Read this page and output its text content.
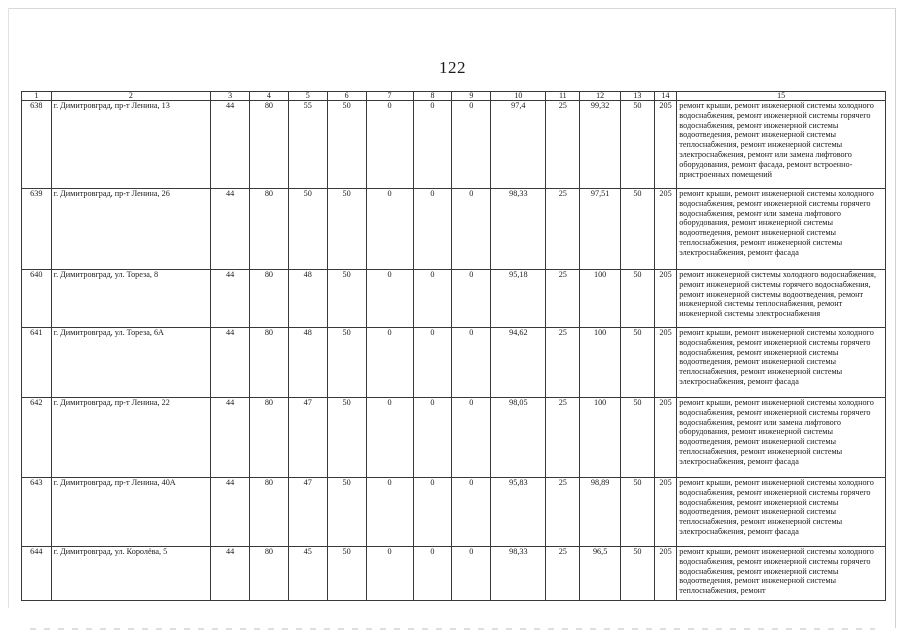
122
1	2	3	4	5	6	7	8	9	10	11	12	13	14	15
638	г. Димитровград, пр-т Ленина, 13	44	80	55	50	0	0	0	97,4	25	99,32	50	205	ремонт крыши, ремонт инженерной системы холодного водоснабжения, ремонт инженерной системы горячего водоснабжения, ремонт инженерной системы водоотведения, ремонт инженерной системы теплоснабжения, ремонт инженерной системы электроснабжения, ремонт или замена лифтового оборудования, ремонт фасада, ремонт встроенно-пристроенных помещений
639	г. Димитровград, пр-т Ленина, 26	44	80	50	50	0	0	0	98,33	25	97,51	50	205	ремонт крыши, ремонт инженерной системы холодного водоснабжения, ремонт инженерной системы горячего водоснабжения, ремонт или замена лифтового оборудования, ремонт инженерной системы водоотведения, ремонт инженерной системы теплоснабжения, ремонт инженерной системы электроснабжения, ремонт фасада
640	г. Димитровград, ул. Тореза, 8	44	80	48	50	0	0	0	95,18	25	100	50	205	ремонт инженерной системы холодного водоснабжения, ремонт инженерной системы горячего водоснабжения, ремонт инженерной системы водоотведения, ремонт инженерной системы теплоснабжения, ремонт инженерной системы электроснабжения
641	г. Димитровград, ул. Тореза, 6А	44	80	48	50	0	0	0	94,62	25	100	50	205	ремонт крыши, ремонт инженерной системы холодного водоснабжения, ремонт инженерной системы горячего водоснабжения, ремонт инженерной системы водоотведения, ремонт инженерной системы теплоснабжения, ремонт инженерной системы электроснабжения, ремонт фасада
642	г. Димитровград, пр-т Ленина, 22	44	80	47	50	0	0	0	98,05	25	100	50	205	ремонт крыши, ремонт инженерной системы холодного водоснабжения, ремонт инженерной системы горячего водоснабжения, ремонт или замена лифтового оборудования, ремонт инженерной системы водоотведения, ремонт инженерной системы теплоснабжения, ремонт инженерной системы электроснабжения, ремонт фасада
643	г. Димитровград, пр-т Ленина, 40А	44	80	47	50	0	0	0	95,83	25	98,89	50	205	ремонт крыши, ремонт инженерной системы холодного водоснабжения, ремонт инженерной системы горячего водоснабжения, ремонт инженерной системы водоотведения, ремонт инженерной системы теплоснабжения, ремонт инженерной системы электроснабжения, ремонт фасада
644	г. Димитровград, ул. Королёва, 5	44	80	45	50	0	0	0	98,33	25	96,5	50	205	ремонт крыши, ремонт инженерной системы холодного водоснабжения, ремонт инженерной системы горячего водоснабжения, ремонт инженерной системы водоотведения, ремонт инженерной системы теплоснабжения, ремонт
